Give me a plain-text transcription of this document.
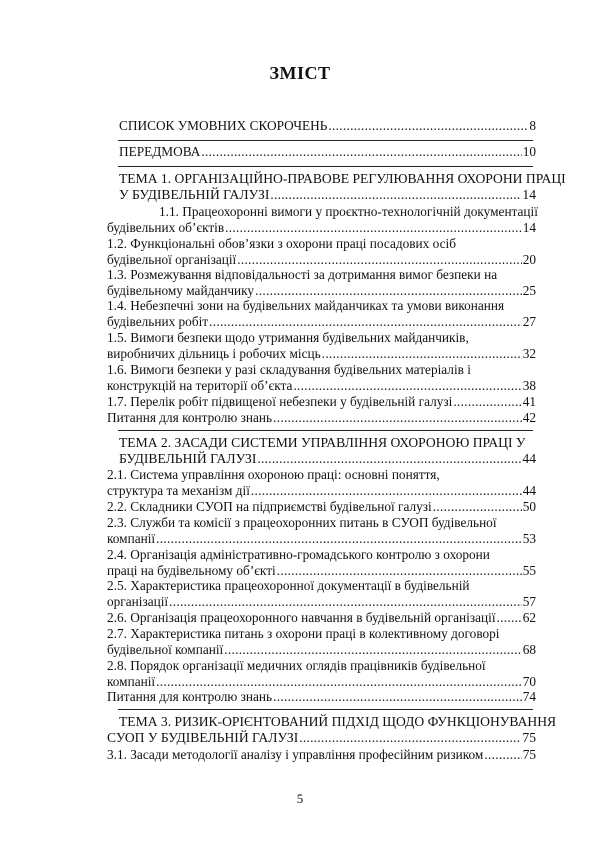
ЗМІСТ
СПИСОК УМОВНИХ СКОРОЧЕНЬ .....	8
ПЕРЕДМОВА .....	10
ТЕМА 1. ОРГАНІЗАЦІЙНО-ПРАВОВЕ РЕГУЛЮВАННЯ ОХОРОНИ ПРАЦІ
У БУДІВЕЛЬНІЙ ГАЛУЗІ .....	14
1.1. Працеохоронні вимоги у проєктно-технологічній документації
будівельних об’єктів .....	14
1.2. Функціональні обов’язки з охорони праці посадових осіб
будівельної організації .....	20
1.3. Розмежування відповідальності за дотримання вимог безпеки на
будівельному майданчику .....	25
1.4. Небезпечні зони на будівельних майданчиках та умови виконання
будівельних робіт .....	27
1.5. Вимоги безпеки щодо утримання будівельних майданчиків,
виробничих дільниць і робочих місць .....	32
1.6. Вимоги безпеки у разі складування будівельних матеріалів і
конструкцій на території об’єкта .....	38
1.7. Перелік робіт підвищеної небезпеки у будівельній галузі .....	41
Питання для контролю знань .....	42
ТЕМА 2. ЗАСАДИ СИСТЕМИ УПРАВЛІННЯ ОХОРОНОЮ ПРАЦІ У
БУДІВЕЛЬНІЙ ГАЛУЗІ .....	44
2.1. Система управління охороною праці: основні поняття,
структура та механізм дії .....	44
2.2. Складники СУОП на підприємстві будівельної галузі .....	50
2.3. Служби та комісії з працеохоронних питань в СУОП будівельної
компанії .....	53
2.4. Організація адміністративно-громадського контролю з охорони
праці на будівельному об’єкті .....	55
2.5. Характеристика працеохоронної документації в будівельній
організації .....	57
2.6. Організація працеохоронного навчання в будівельній організації ..... 62
2.7. Характеристика питань з охорони праці в колективному договорі
будівельної компанії .....	68
2.8. Порядок організації медичних оглядів працівників будівельної
компанії .....	70
Питання для контролю знань .....	74
ТЕМА 3. РИЗИК-ОРІЄНТОВАНИЙ ПІДХІД ЩОДО ФУНКЦІОНУВАННЯ
СУОП У БУДІВЕЛЬНІЙ ГАЛУЗІ .....	75
3.1. Засади методології аналізу і управління професійним ризиком .....	75
5
